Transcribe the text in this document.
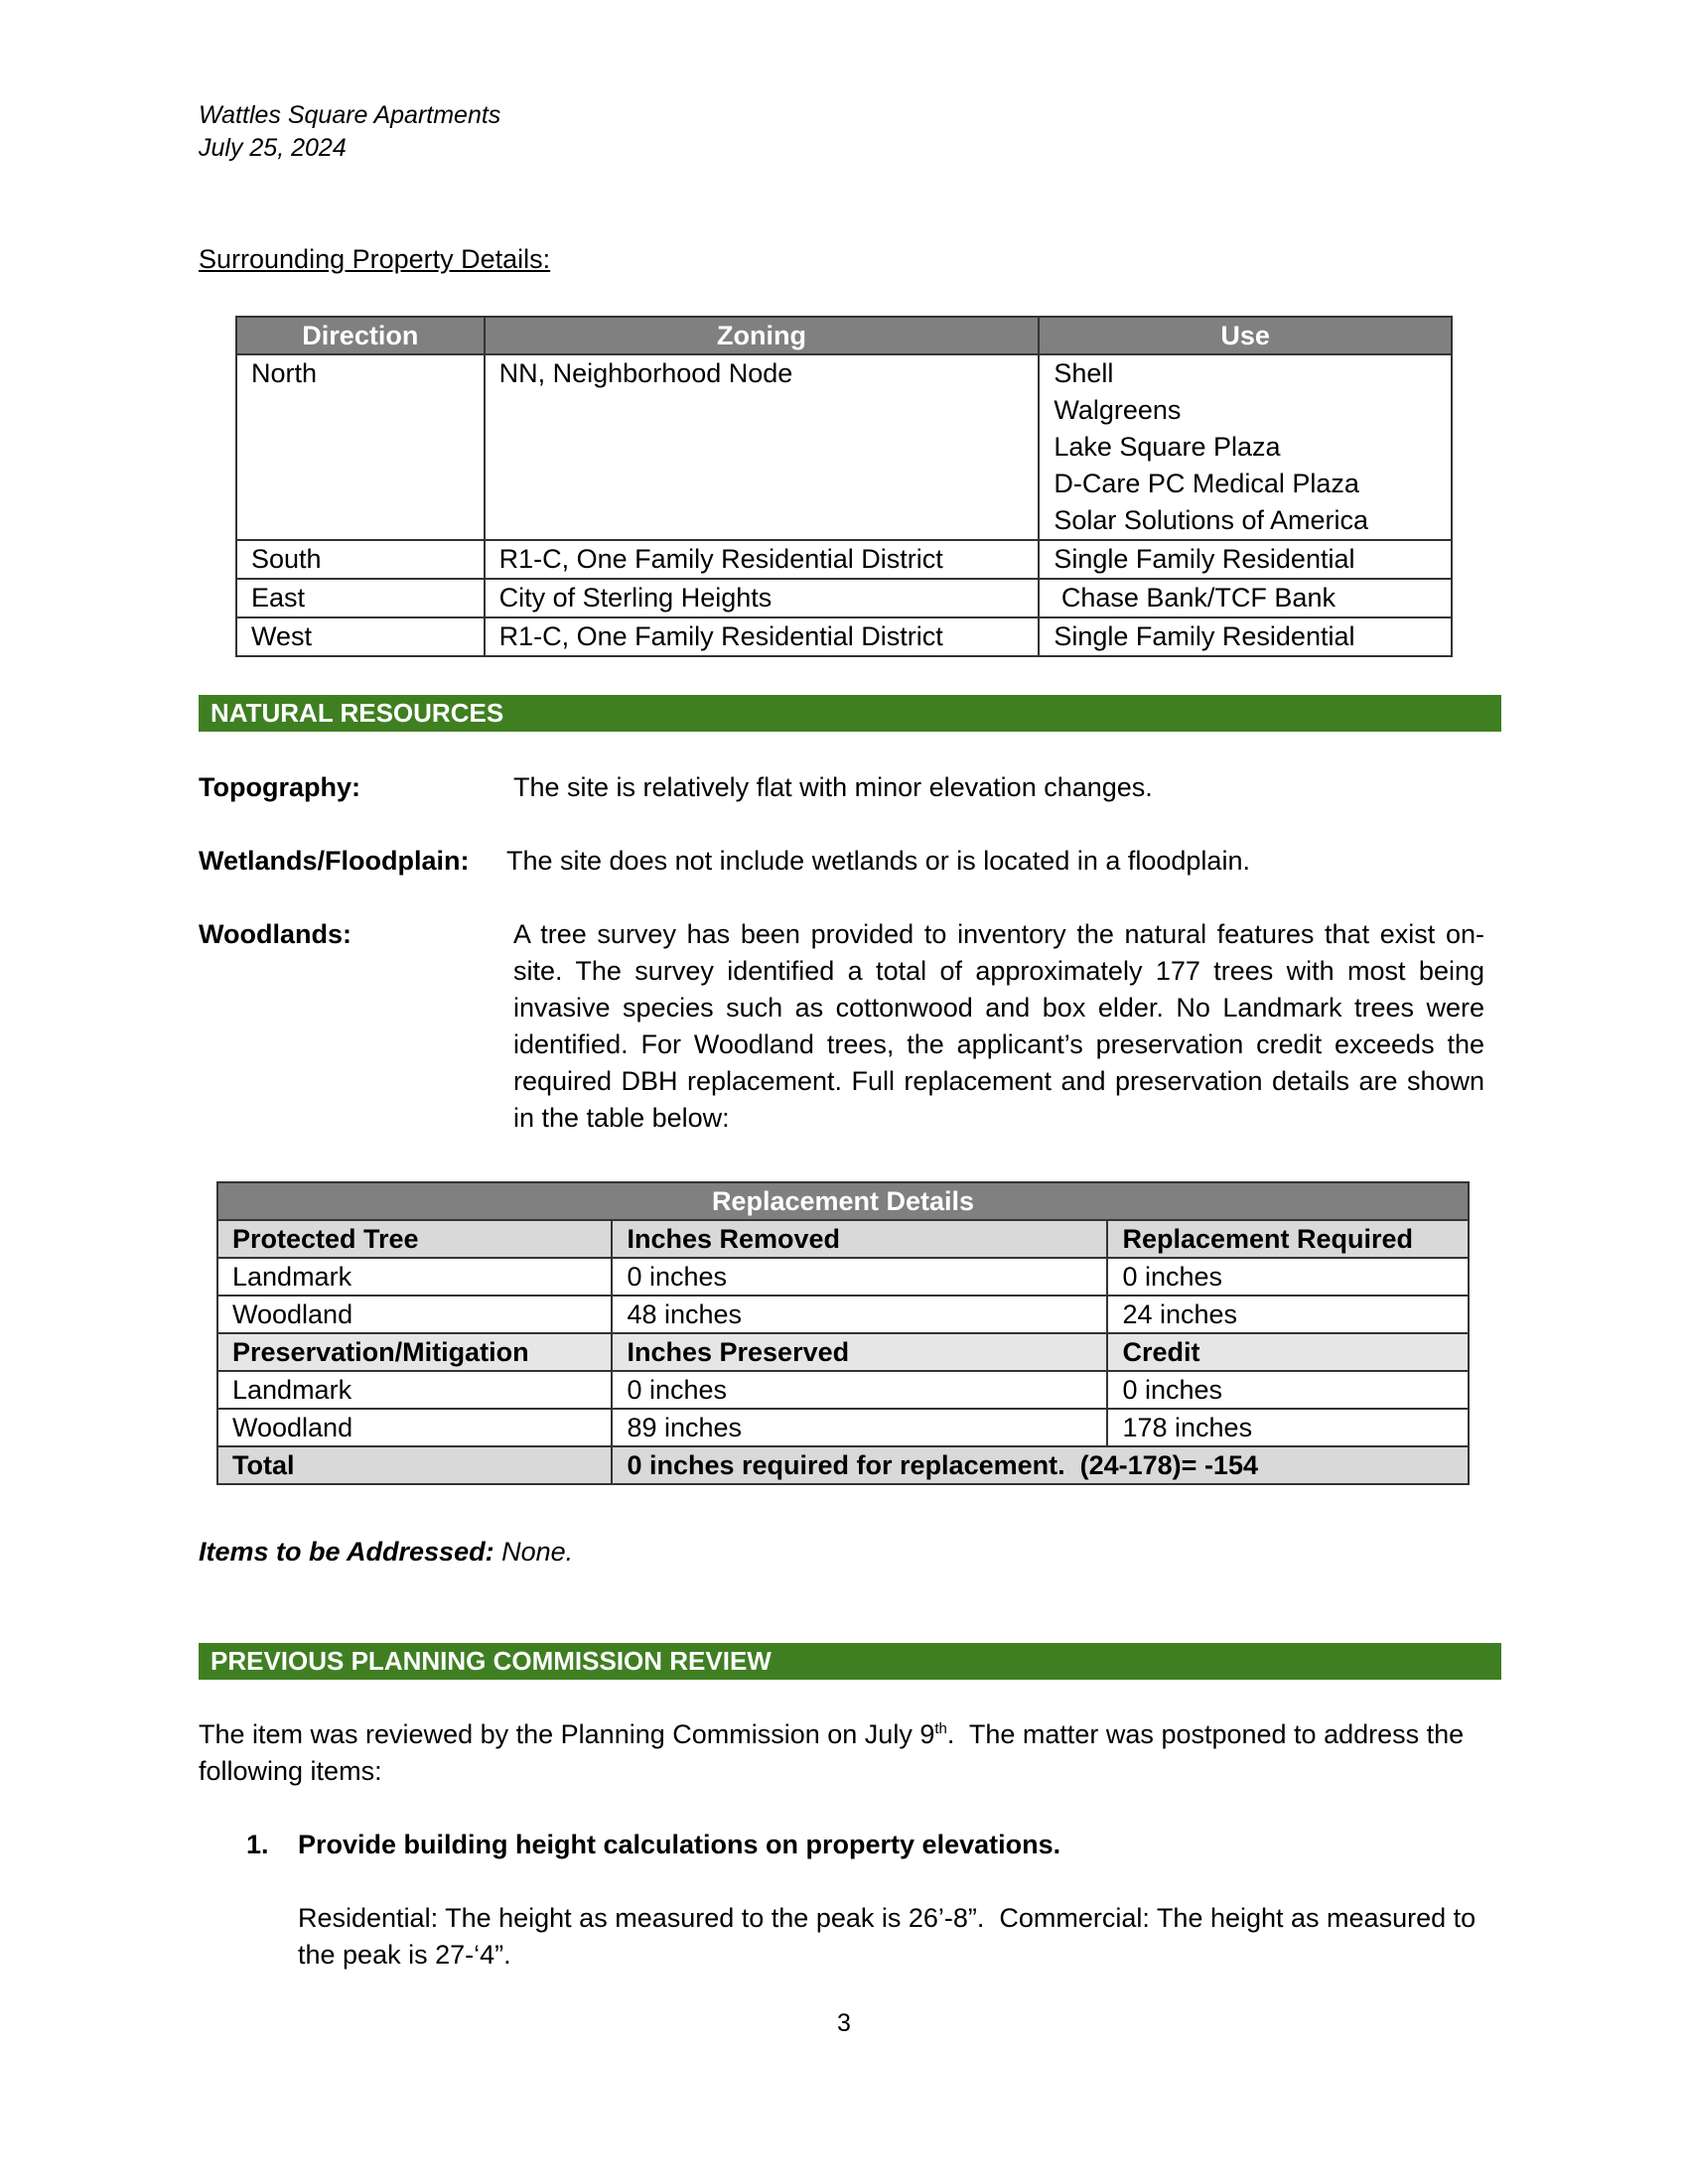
Wattles Square Apartments
July 25, 2024
Surrounding Property Details:
Direction	Zoning	Use
North	NN, Neighborhood Node	Shell
Walgreens
Lake Square Plaza
D-Care PC Medical Plaza
Solar Solutions of America

South	R1-C, One Family Residential District	Single Family Residential
East	City of Sterling Heights	Chase Bank/TCF Bank
West	R1-C, One Family Residential District	Single Family Residential
NATURAL RESOURCES
Topography:	The site is relatively flat with minor elevation changes.
Wetlands/Floodplain: The site does not include wetlands or is located in a floodplain.
Woodlands:	A tree survey has been provided to inventory the natural features that exist on-site. The survey identified a total of approximately 177 trees with most being invasive species such as cottonwood and box elder. No Landmark trees were identified. For Woodland trees, the applicant’s preservation credit exceeds the required DBH replacement. Full replacement and preservation details are shown in the table below:
Replacement Details		
Protected Tree	Inches Removed	Replacement Required
Landmark	0 inches	0 inches
Woodland	48 inches	24 inches
Preservation/Mitigation	Inches Preserved	Credit
Landmark	0 inches	0 inches
Woodland	89 inches	178 inches
Total	0 inches required for replacement.  (24-178)= -154	
Items to be Addressed: None.
PREVIOUS PLANNING COMMISSION REVIEW
The item was reviewed by the Planning Commission on July 9th.  The matter was postponed to address the following items:
1. Provide building height calculations on property elevations.
Residential: The height as measured to the peak is 26’-8”.  Commercial: The height as measured to the peak is 27-‘4”.
3
